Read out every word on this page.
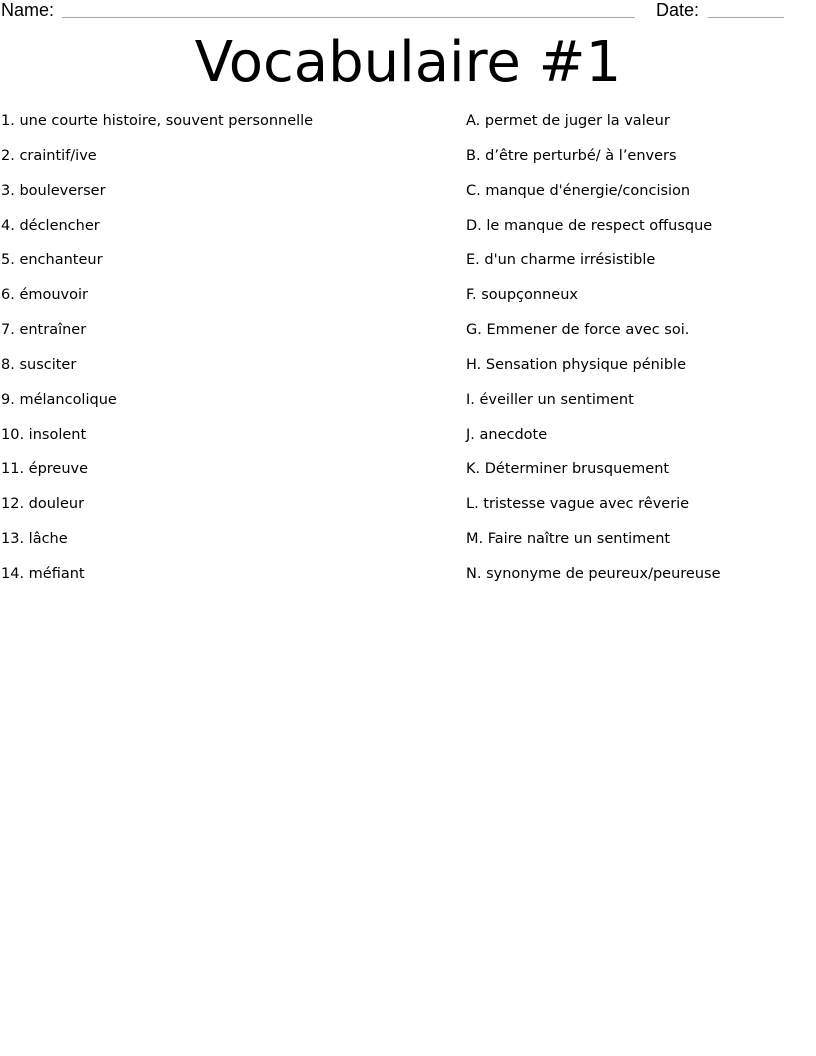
Name:	Date:
Vocabulaire #1
1. une courte histoire, souvent personnelle
2. craintif/ive
3. bouleverser
4. déclencher
5. enchanteur
6. émouvoir
7. entraîner
8. susciter
9. mélancolique
10. insolent
11. épreuve
12. douleur
13. lâche
14. méfiant
A. permet de juger la valeur
B. d’être perturbé/ à l’envers
C. manque d'énergie/concision
D. le manque de respect offusque
E. d'un charme irrésistible
F. soupçonneux
G. Emmener de force avec soi.
H. Sensation physique pénible
I. éveiller un sentiment
J. anecdote
K. Déterminer brusquement
L. tristesse vague avec rêverie
M. Faire naître un sentiment
N. synonyme de peureux/peureuse
